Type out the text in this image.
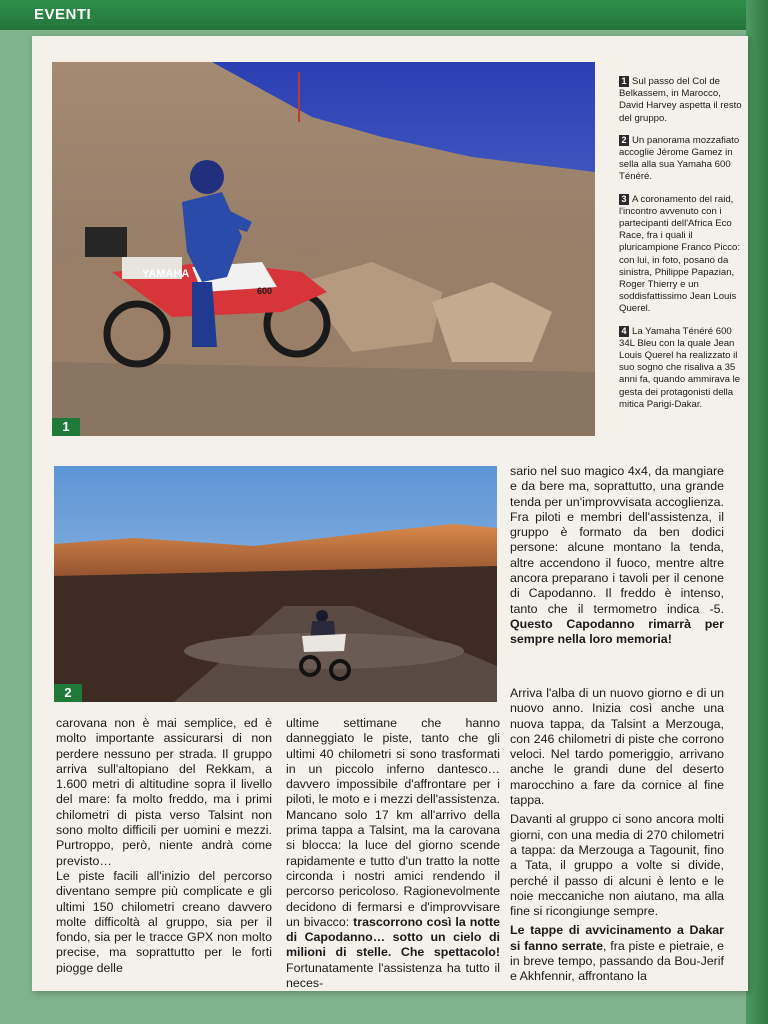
EVENTI
YAMAHA
600
1

1 Sul passo del Col de Belkassem, in Marocco, David Harvey aspetta il resto del gruppo.

2 Un panorama mozzafiato accoglie Jérome Gamez in sella alla sua Yamaha 600 Ténéré.

3 A coronamento del raid, l'incontro avvenuto con i partecipanti dell'Africa Eco Race, fra i quali il pluricampione Franco Picco: con lui, in foto, posano da sinistra, Philippe Papazian, Roger Thierry e un soddisfattissimo Jean Louis Querel.

4 La Yamaha Ténéré 600 34L Bleu con la quale Jean Louis Querel ha realizzato il suo sogno che risaliva a 35 anni fa, quando ammirava le gesta dei protagonisti della mitica Parigi-Dakar.

2

sario nel suo magico 4x4, da mangiare e da bere ma, soprattutto, una grande tenda per un'improvvisata accoglienza. Fra piloti e membri dell'assistenza, il gruppo è formato da ben dodici persone: alcune montano la tenda, altre accendono il fuoco, mentre altre ancora preparano i tavoli per il cenone di Capodanno. Il freddo è intenso, tanto che il termometro indica -5. Questo Capodanno rimarrà per sempre nella loro memoria!

Arriva l'alba di un nuovo giorno e di un nuovo anno. Inizia così anche una nuova tappa, da Talsint a Merzouga, con 246 chilometri di piste che corrono veloci. Nel tardo pomeriggio, arrivano anche le grandi dune del deserto marocchino a fare da cornice al fine tappa.

Davanti al gruppo ci sono ancora molti giorni, con una media di 270 chilometri a tappa: da Merzouga a Tagounit, fino a Tata, il gruppo a volte si divide, perché il passo di alcuni è lento e le noie meccaniche non aiutano, ma alla fine si ricongiunge sempre.

Le tappe di avvicinamento a Dakar si fanno serrate, fra piste e pietraie, e in breve tempo, passando da Bou-Jerif e Akhfennir, affrontano la

carovana non è mai semplice, ed è molto importante assicurarsi di non perdere nessuno per strada. Il gruppo arriva sull'altopiano del Rekkam, a 1.600 metri di altitudine sopra il livello del mare: fa molto freddo, ma i primi chilometri di pista verso Talsint non sono molto difficili per uomini e mezzi. Purtroppo, però, niente andrà come previsto…

Le piste facili all'inizio del percorso diventano sempre più complicate e gli ultimi 150 chilometri creano davvero molte difficoltà al gruppo, sia per il fondo, sia per le tracce GPX non molto precise, ma soprattutto per le forti piogge delle

ultime settimane che hanno danneggiato le piste, tanto che gli ultimi 40 chilometri si sono trasformati in un piccolo inferno dantesco… davvero impossibile d'affrontare per i piloti, le moto e i mezzi dell'assistenza. Mancano solo 17 km all'arrivo della prima tappa a Talsint, ma la carovana si blocca: la luce del giorno scende rapidamente e tutto d'un tratto la notte circonda i nostri amici rendendo il percorso pericoloso. Ragionevolmente decidono di fermarsi e d'improvvisare un bivacco: trascorrono così la notte di Capodanno… sotto un cielo di milioni di stelle. Che spettacolo! Fortunatamente l'assistenza ha tutto il neces-
